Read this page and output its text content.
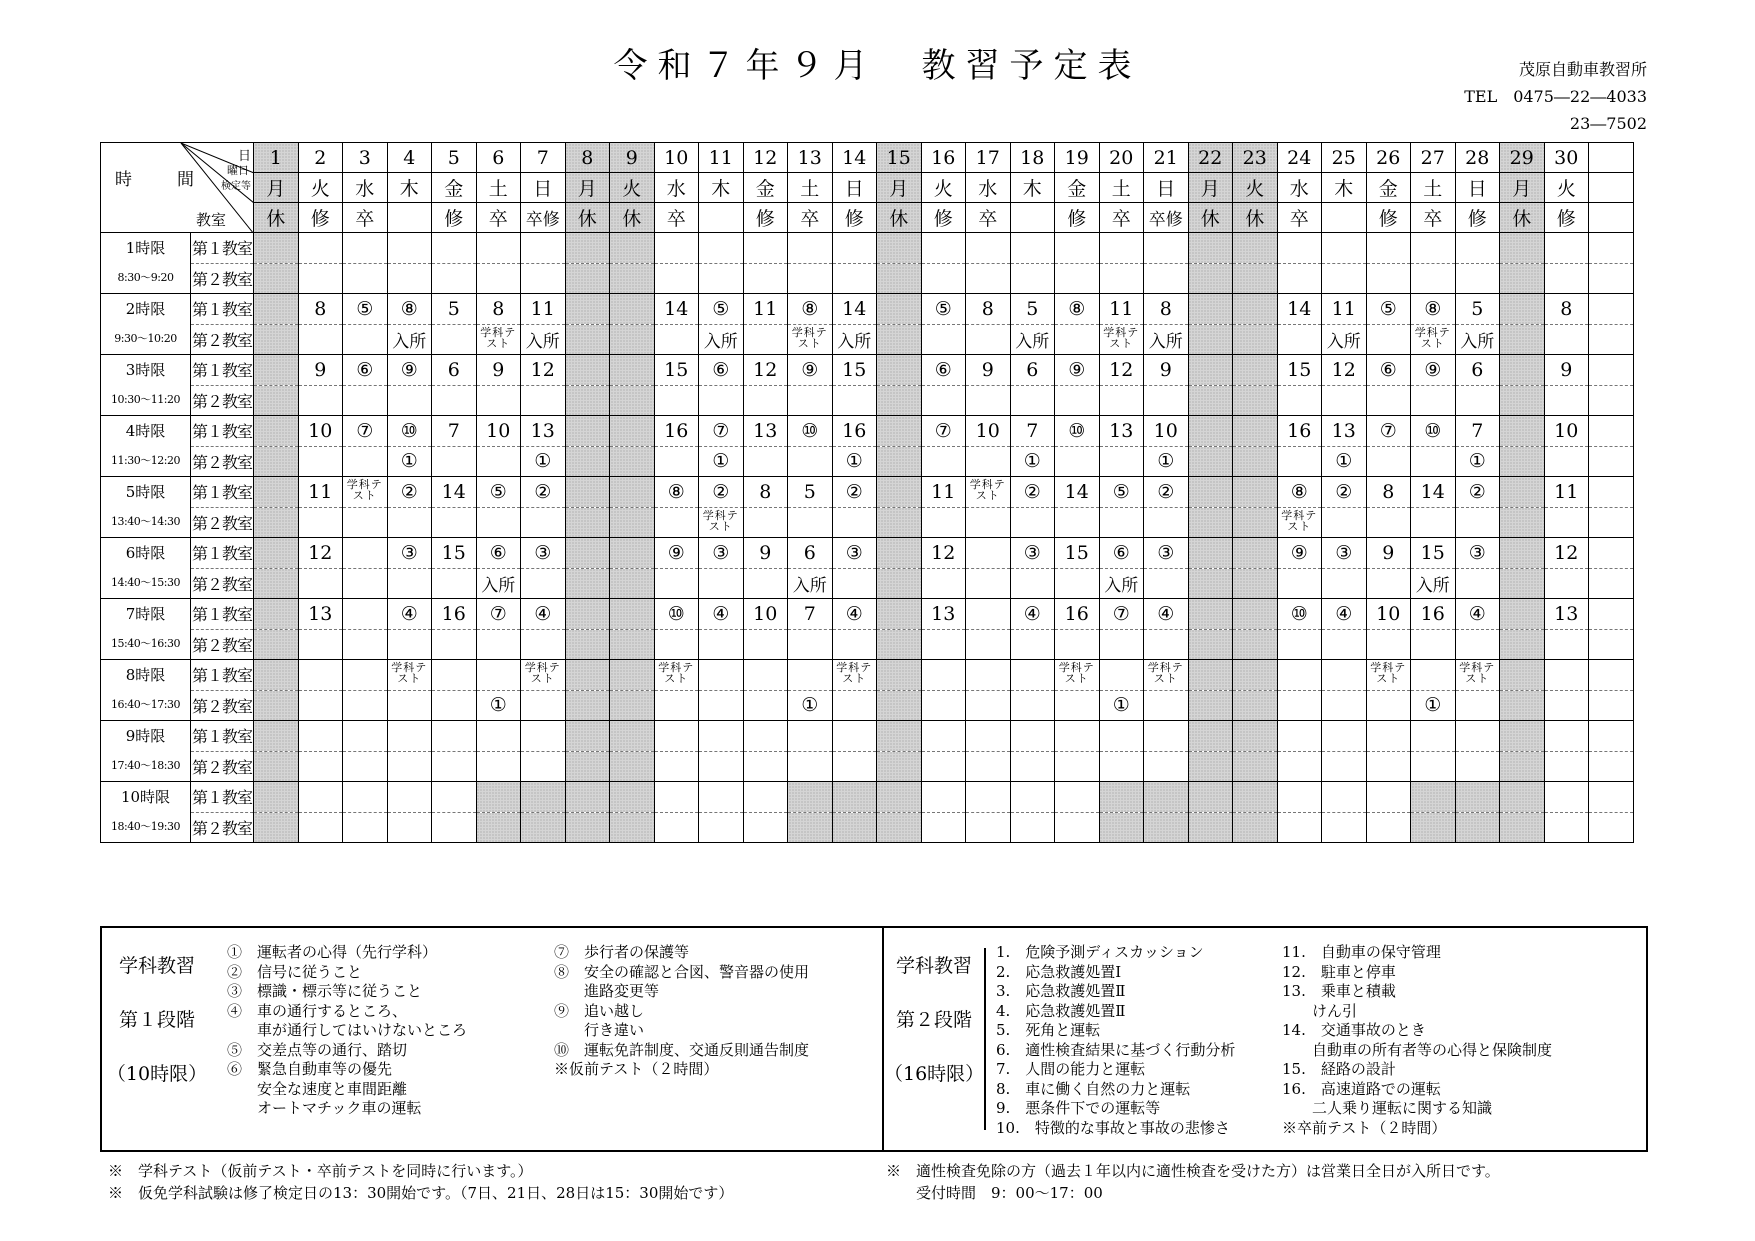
令和７年９月　教習予定表	茂原自動車教習所
TEL　0475―22―4033
23―7502
時　間
日
曜日
検定等
教室		1	2	3	4	5	6	7	8	9	10	11	12	13	14	15	16	17	18	19	20	21	22	23	24	25	26	27	28	29	30	
		月	火	水	木	金	土	日	月	火	水	木	金	土	日	月	火	水	木	金	土	日	月	火	水	木	金	土	日	月	火	
		休	修	卒		修	卒	卒修	休	休	卒		修	卒	修	休	修	卒		修	卒	卒修	休	休	卒		修	卒	修	休	修	

1時限
8:30～9:20	第１教室																															
	第２教室																															

2時限
9:30～10:20	第１教室		8	⑤	⑧	5	8	11			14	⑤	11	⑧	14		⑤	8	5	⑧	11	8			14	11	⑤	⑧	5		8	
	第２教室				入所		学科テスト	入所				入所		学科テスト	入所				入所		学科テスト	入所				入所		学科テスト	入所			

3時限
10:30～11:20	第１教室		9	⑥	⑨	6	9	12			15	⑥	12	⑨	15		⑥	9	6	⑨	12	9			15	12	⑥	⑨	6		9	
	第２教室																															

4時限
11:30～12:20	第１教室		10	⑦	⑩	7	10	13			16	⑦	13	⑩	16		⑦	10	7	⑩	13	10			16	13	⑦	⑩	7		10	
	第２教室				①			①				①			①				①			①				①			①			

5時限
13:40～14:30	第１教室		11	学科テスト	②	14	⑤	②			⑧	②	8	5	②		11	学科テスト	②	14	⑤	②			⑧	②	8	14	②		11	
	第２教室											学科テスト													学科テスト							

6時限
14:40～15:30	第１教室		12		③	15	⑥	③			⑨	③	9	6	③		12		③	15	⑥	③			⑨	③	9	15	③		12	
	第２教室						入所							入所							入所							入所				

7時限
15:40～16:30	第１教室		13		④	16	⑦	④			⑩	④	10	7	④		13		④	16	⑦	④			⑩	④	10	16	④		13	
	第２教室																															

8時限
16:40～17:30	第１教室				学科テスト			学科テスト			学科テスト				学科テスト					学科テスト		学科テスト					学科テスト		学科テスト			
	第２教室						①							①							①							①				

9時限
17:40～18:30	第１教室																															
	第２教室																															

10時限
18:40～19:30	第１教室																															
	第２教室																															
学科教習
第１段階
（10時限）
①　運転者の心得（先行学科）
②　信号に従うこと
③　標識・標示等に従うこと
④　車の通行するところ、
　　車が通行してはいけないところ
⑤　交差点等の通行、踏切
⑥　緊急自動車等の優先
　　安全な速度と車間距離
　　オートマチック車の運転
⑦　歩行者の保護等
⑧　安全の確認と合図、警音器の使用
　　進路変更等
⑨　追い越し
　　行き違い
⑩　運転免許制度、交通反則通告制度
※仮前テスト（２時間）
学科教習
第２段階
（16時限）
1.　危険予測ディスカッション
2.　応急救護処置Ⅰ
3.　応急救護処置Ⅱ
4.　応急救護処置Ⅱ
5.　死角と運転
6.　適性検査結果に基づく行動分析
7.　人間の能力と運転
8.　車に働く自然の力と運転
9.　悪条件下での運転等
10.　特徴的な事故と事故の悲惨さ
11.　自動車の保守管理
12.　駐車と停車
13.　乗車と積載
　　けん引
14.　交通事故のとき
　　自動車の所有者等の心得と保険制度
15.　経路の設計
16.　高速道路での運転
　　二人乗り運転に関する知識
※卒前テスト（２時間）
※　学科テスト（仮前テスト・卒前テストを同時に行います。）
※　仮免学科試験は修了検定日の13：30開始です。（7日、21日、28日は15：30開始です）
※　適性検査免除の方（過去１年以内に適性検査を受けた方）は営業日全日が入所日です。
　　受付時間　9：00～17：00
